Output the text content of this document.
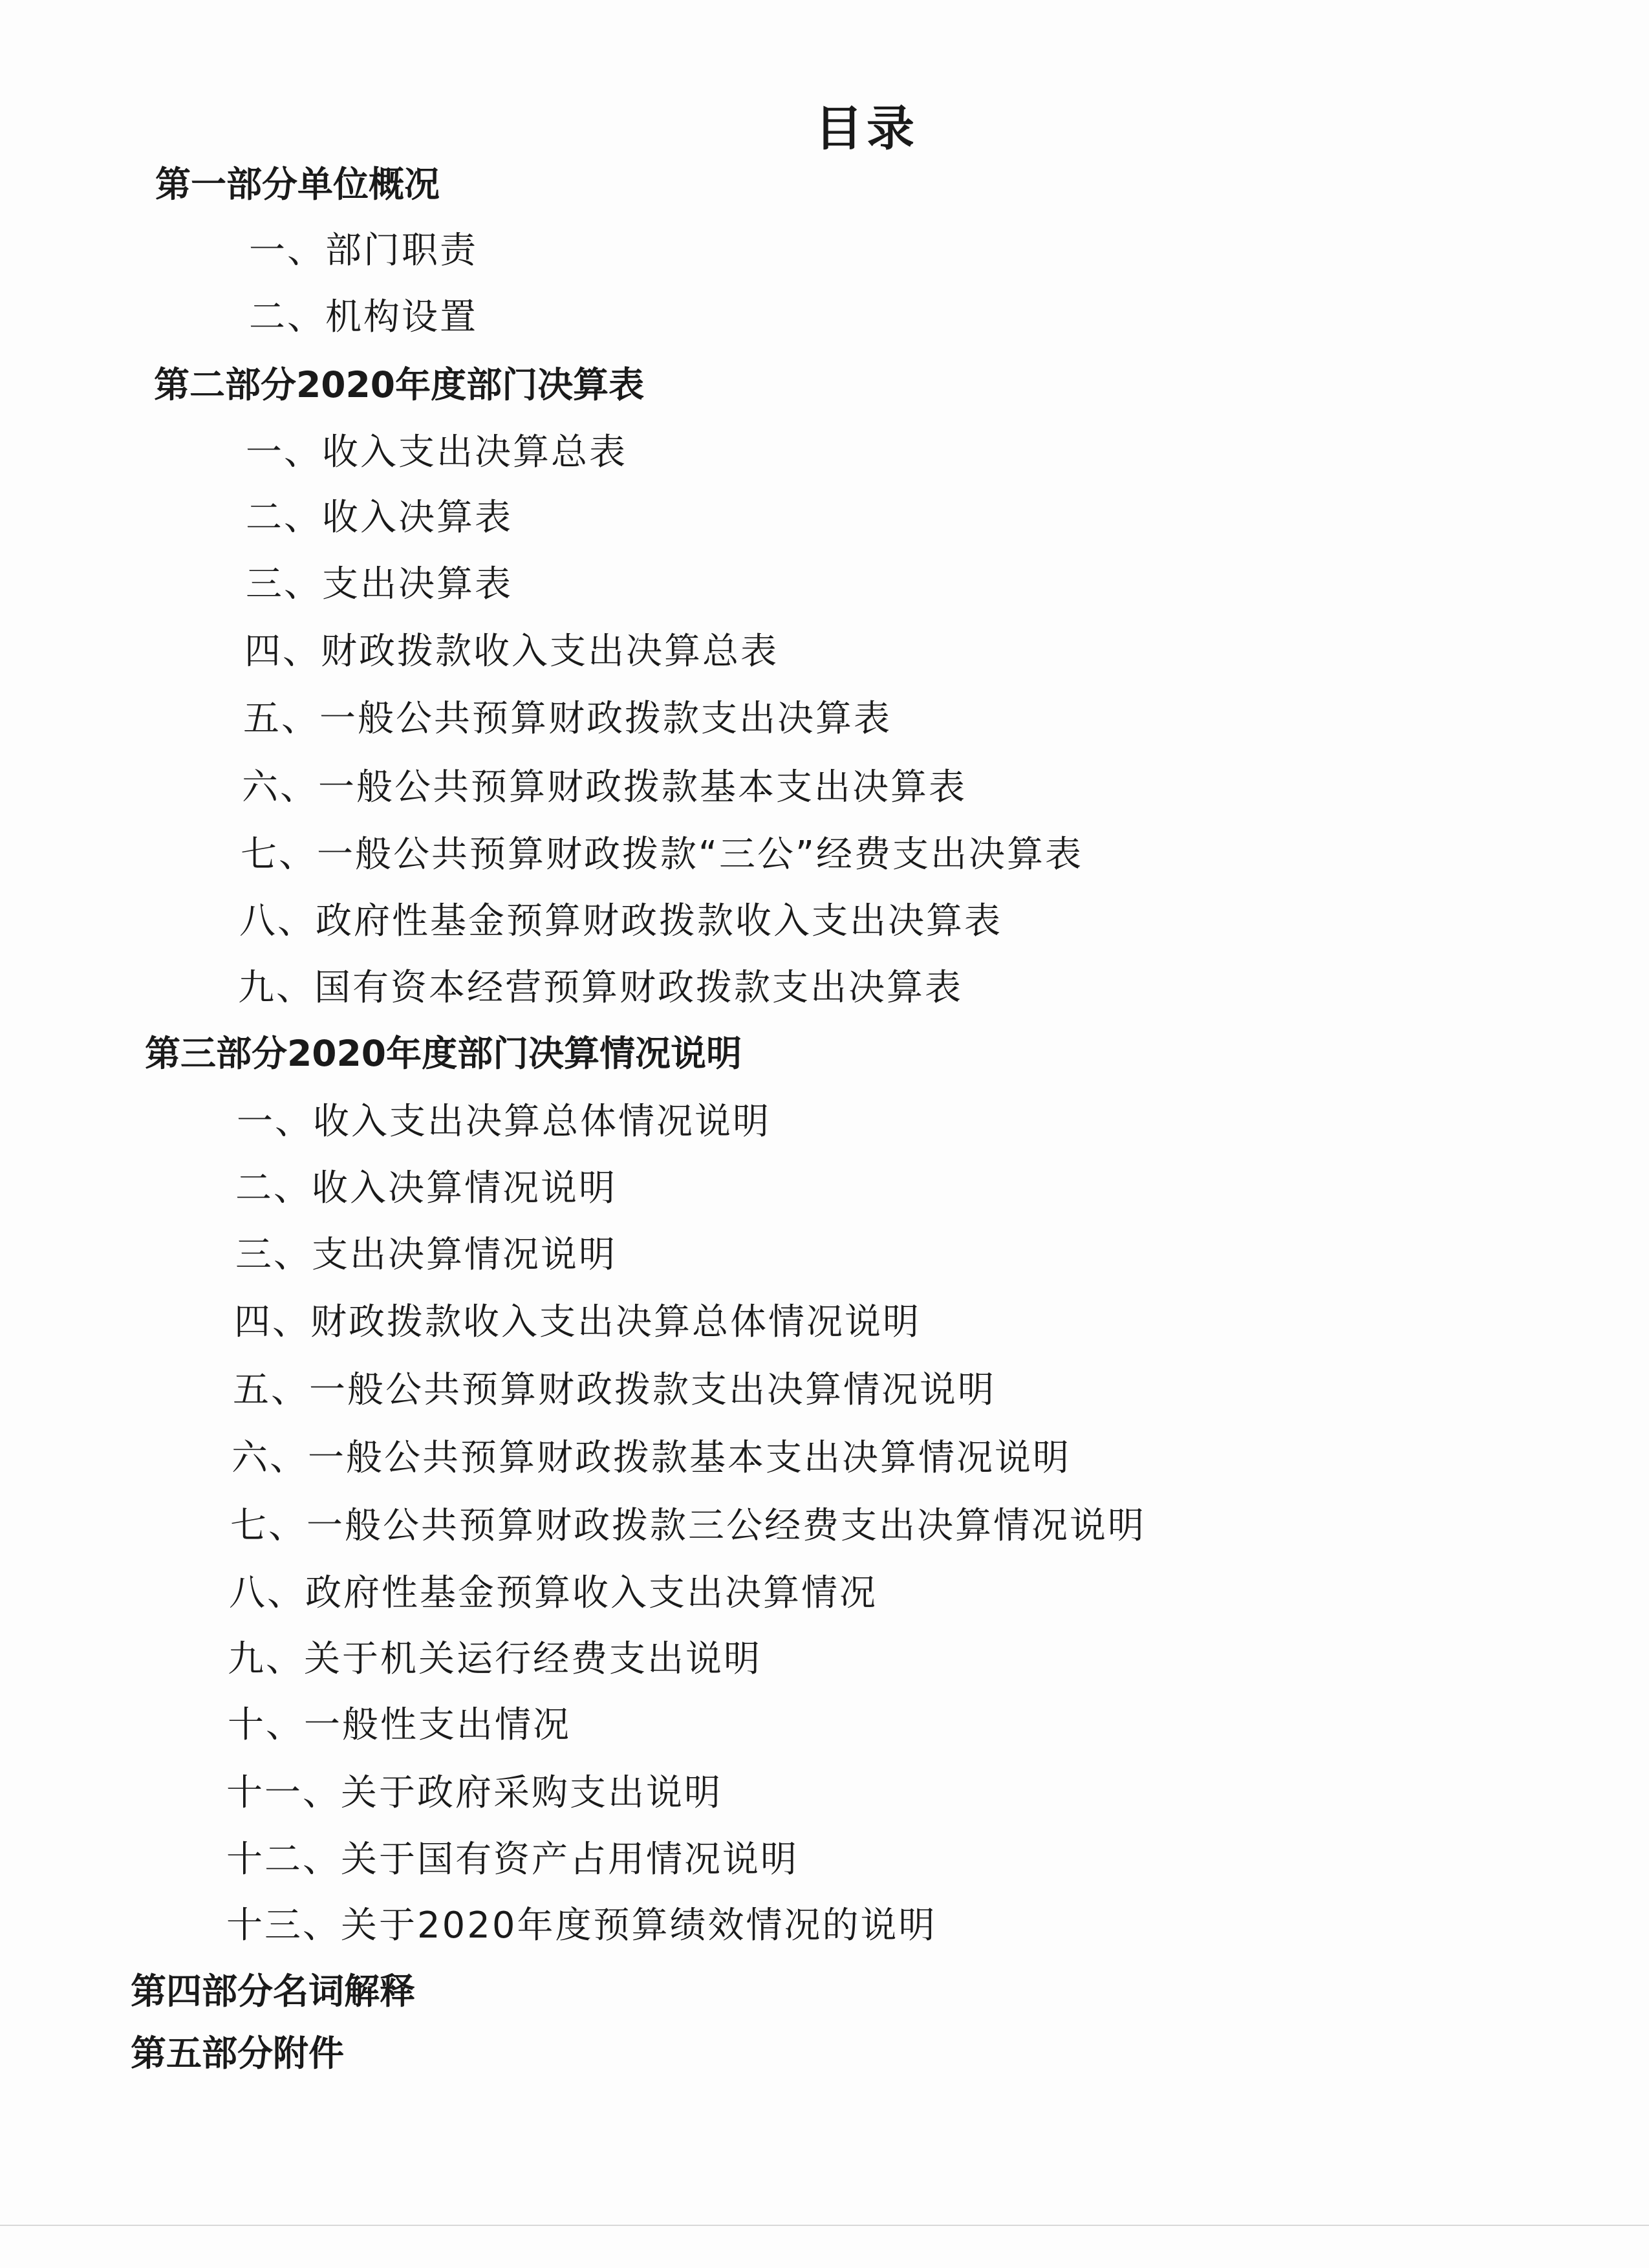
目录
第一部分单位概况
一、部门职责
二、机构设置
第二部分2020年度部门决算表
一、收入支出决算总表
二、收入决算表
三、支出决算表
四、财政拨款收入支出决算总表
五、一般公共预算财政拨款支出决算表
六、一般公共预算财政拨款基本支出决算表
七、一般公共预算财政拨款“三公”经费支出决算表
八、政府性基金预算财政拨款收入支出决算表
九、国有资本经营预算财政拨款支出决算表
第三部分2020年度部门决算情况说明
一、收入支出决算总体情况说明
二、收入决算情况说明
三、支出决算情况说明
四、财政拨款收入支出决算总体情况说明
五、一般公共预算财政拨款支出决算情况说明
六、一般公共预算财政拨款基本支出决算情况说明
七、一般公共预算财政拨款三公经费支出决算情况说明
八、政府性基金预算收入支出决算情况
九、关于机关运行经费支出说明
十、一般性支出情况
十一、关于政府采购支出说明
十二、关于国有资产占用情况说明
十三、关于2020年度预算绩效情况的说明
第四部分名词解释
第五部分附件
